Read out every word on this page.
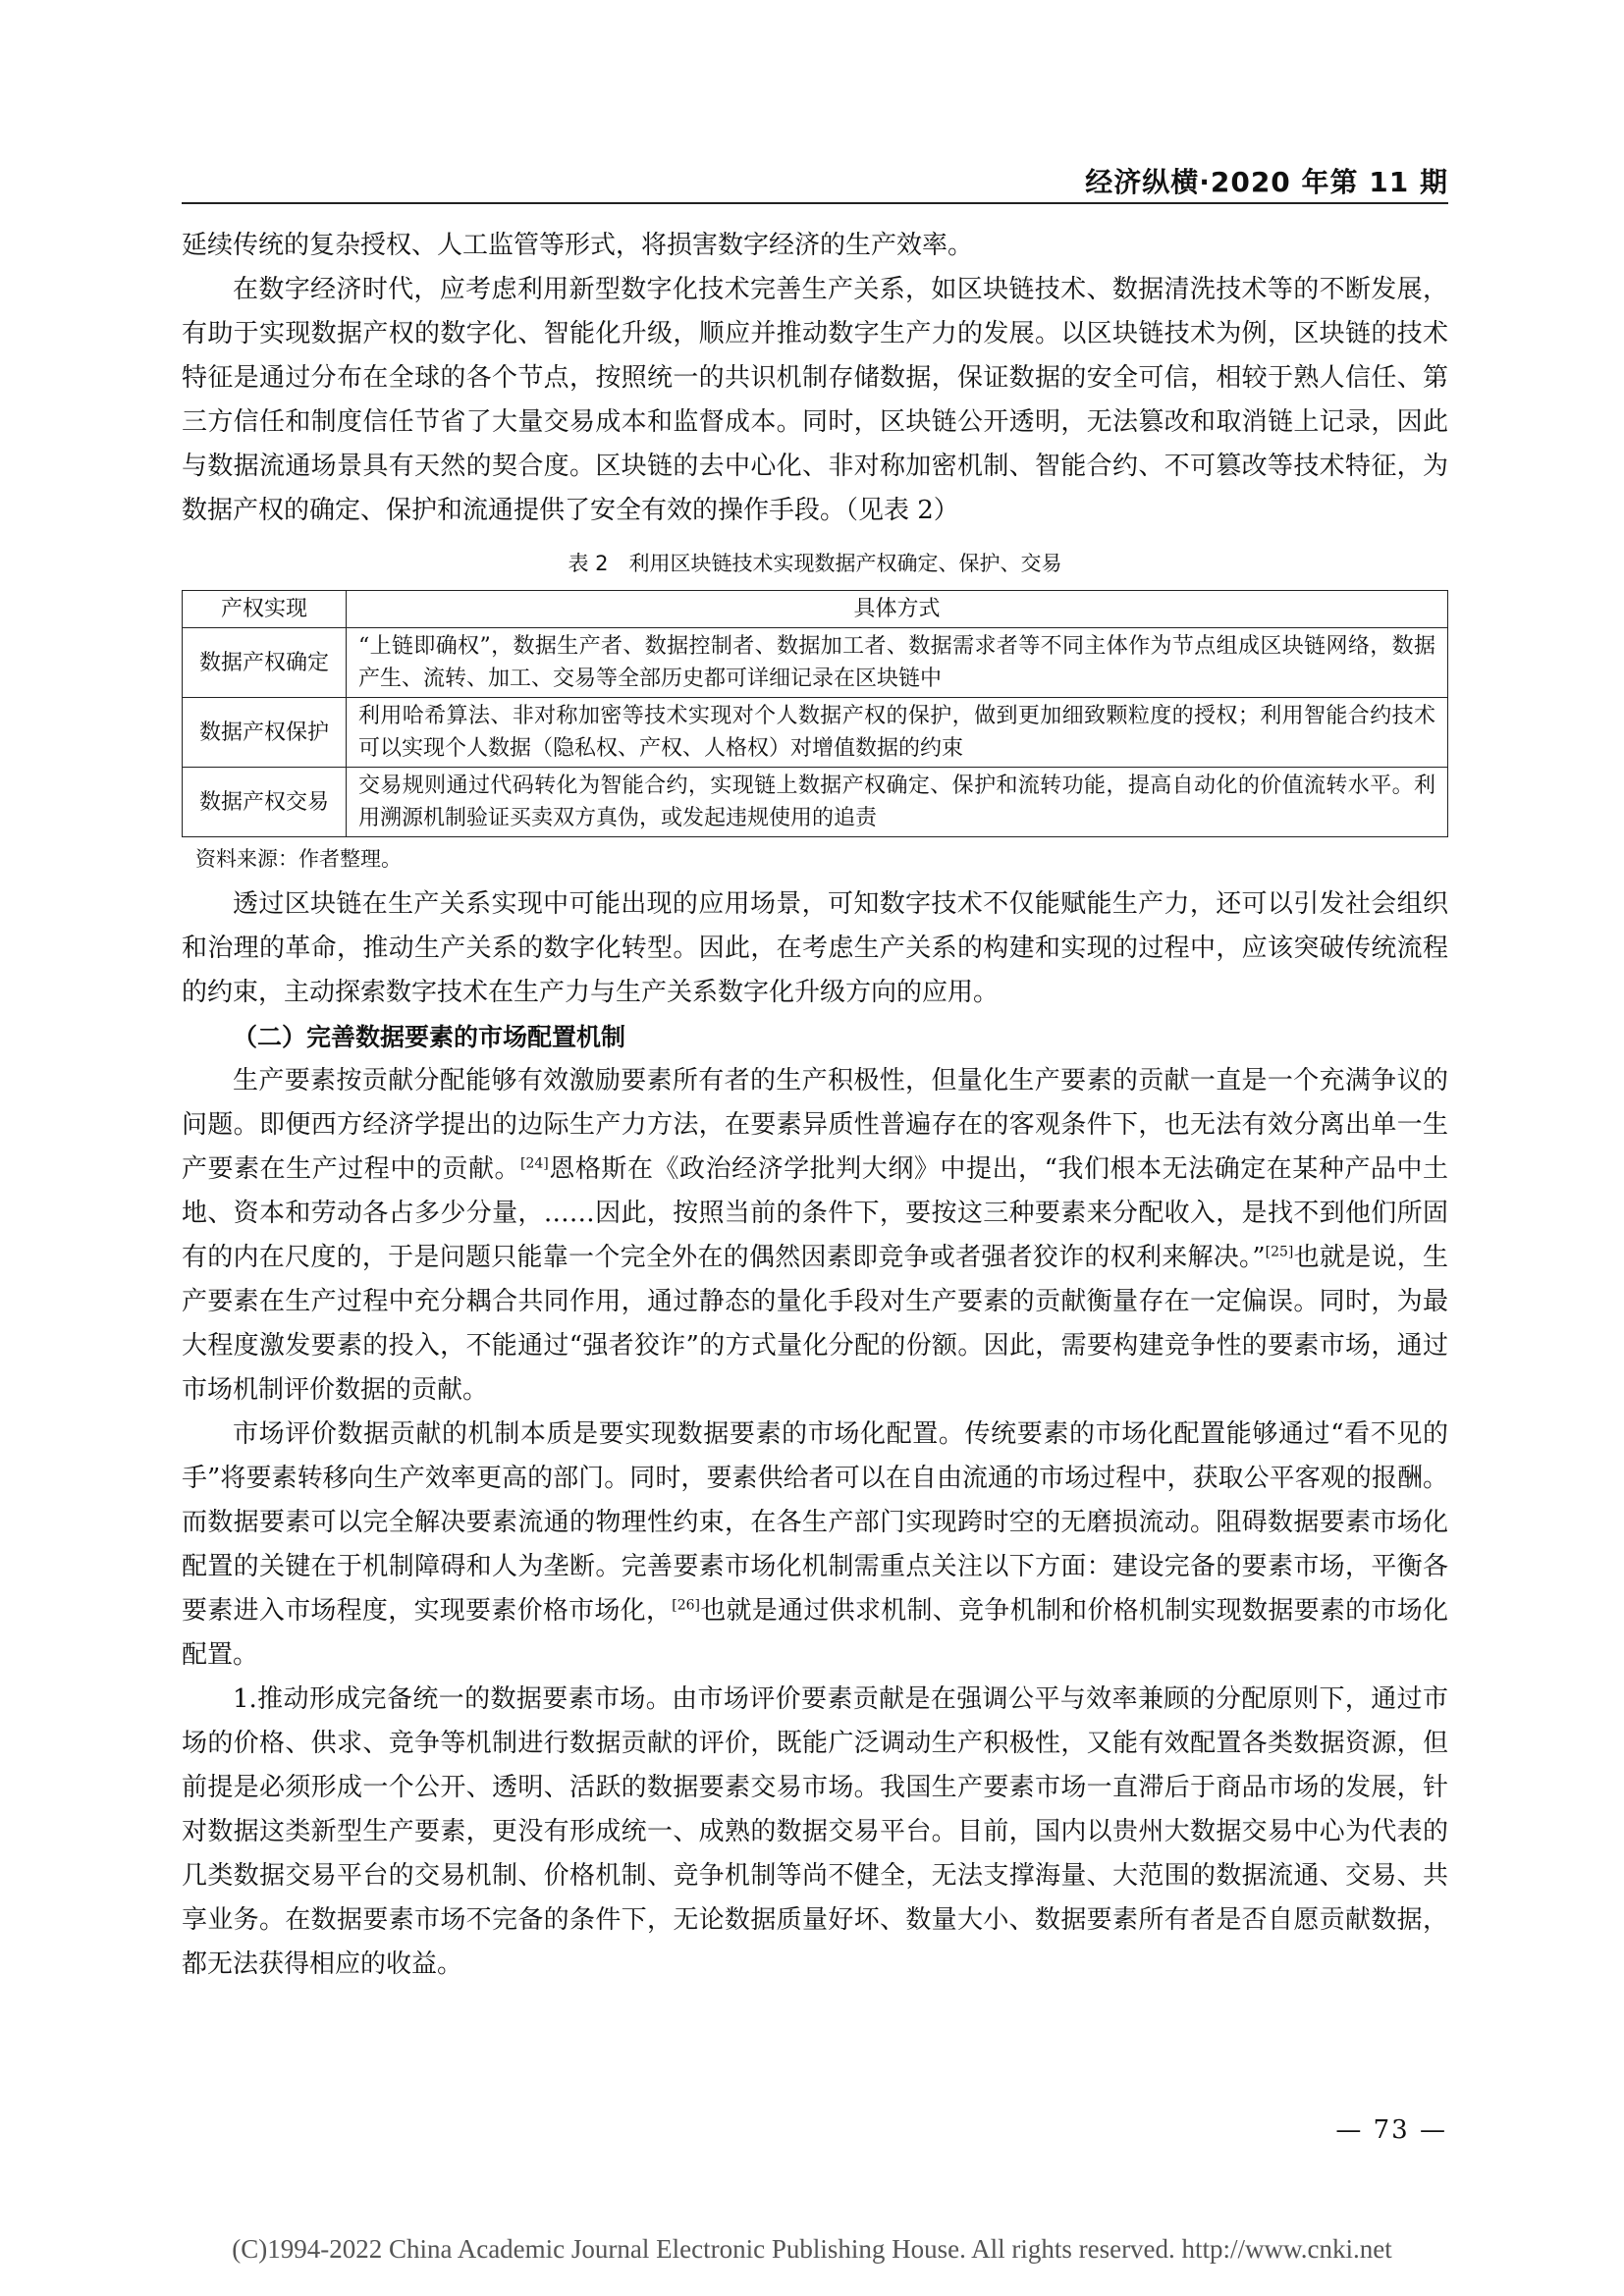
经济纵横·2020 年第 11 期

延续传统的复杂授权、人工监管等形式，将损害数字经济的生产效率。

在数字经济时代，应考虑利用新型数字化技术完善生产关系，如区块链技术、数据清洗技术等的不断发展，有助于实现数据产权的数字化、智能化升级，顺应并推动数字生产力的发展。以区块链技术为例，区块链的技术特征是通过分布在全球的各个节点，按照统一的共识机制存储数据，保证数据的安全可信，相较于熟人信任、第三方信任和制度信任节省了大量交易成本和监督成本。同时，区块链公开透明，无法篡改和取消链上记录，因此与数据流通场景具有天然的契合度。区块链的去中心化、非对称加密机制、智能合约、不可篡改等技术特征，为数据产权的确定、保护和流通提供了安全有效的操作手段。（见表 2）

表 2　利用区块链技术实现数据产权确定、保护、交易
产权实现	具体方式
数据产权确定	“上链即确权”，数据生产者、数据控制者、数据加工者、数据需求者等不同主体作为节点组成区块链网络，数据产生、流转、加工、交易等全部历史都可详细记录在区块链中
数据产权保护	利用哈希算法、非对称加密等技术实现对个人数据产权的保护，做到更加细致颗粒度的授权；利用智能合约技术可以实现个人数据（隐私权、产权、人格权）对增值数据的约束
数据产权交易	交易规则通过代码转化为智能合约，实现链上数据产权确定、保护和流转功能，提高自动化的价值流转水平。利用溯源机制验证买卖双方真伪，或发起违规使用的追责
资料来源：作者整理。

透过区块链在生产关系实现中可能出现的应用场景，可知数字技术不仅能赋能生产力，还可以引发社会组织和治理的革命，推动生产关系的数字化转型。因此，在考虑生产关系的构建和实现的过程中，应该突破传统流程的约束，主动探索数字技术在生产力与生产关系数字化升级方向的应用。

（二）完善数据要素的市场配置机制

生产要素按贡献分配能够有效激励要素所有者的生产积极性，但量化生产要素的贡献一直是一个充满争议的问题。即便西方经济学提出的边际生产力方法，在要素异质性普遍存在的客观条件下，也无法有效分离出单一生产要素在生产过程中的贡献。[24]恩格斯在《政治经济学批判大纲》中提出，“我们根本无法确定在某种产品中土地、资本和劳动各占多少分量，……因此，按照当前的条件下，要按这三种要素来分配收入，是找不到他们所固有的内在尺度的，于是问题只能靠一个完全外在的偶然因素即竞争或者强者狡诈的权利来解决。”[25]也就是说，生产要素在生产过程中充分耦合共同作用，通过静态的量化手段对生产要素的贡献衡量存在一定偏误。同时，为最大程度激发要素的投入，不能通过“强者狡诈”的方式量化分配的份额。因此，需要构建竞争性的要素市场，通过市场机制评价数据的贡献。

市场评价数据贡献的机制本质是要实现数据要素的市场化配置。传统要素的市场化配置能够通过“看不见的手”将要素转移向生产效率更高的部门。同时，要素供给者可以在自由流通的市场过程中，获取公平客观的报酬。而数据要素可以完全解决要素流通的物理性约束，在各生产部门实现跨时空的无磨损流动。阻碍数据要素市场化配置的关键在于机制障碍和人为垄断。完善要素市场化机制需重点关注以下方面：建设完备的要素市场，平衡各要素进入市场程度，实现要素价格市场化，[26]也就是通过供求机制、竞争机制和价格机制实现数据要素的市场化配置。

1.推动形成完备统一的数据要素市场。由市场评价要素贡献是在强调公平与效率兼顾的分配原则下，通过市场的价格、供求、竞争等机制进行数据贡献的评价，既能广泛调动生产积极性，又能有效配置各类数据资源，但前提是必须形成一个公开、透明、活跃的数据要素交易市场。我国生产要素市场一直滞后于商品市场的发展，针对数据这类新型生产要素，更没有形成统一、成熟的数据交易平台。目前，国内以贵州大数据交易中心为代表的几类数据交易平台的交易机制、价格机制、竞争机制等尚不健全，无法支撑海量、大范围的数据流通、交易、共享业务。在数据要素市场不完备的条件下，无论数据质量好坏、数量大小、数据要素所有者是否自愿贡献数据，都无法获得相应的收益。

— 73 —
(C)1994-2022 China Academic Journal Electronic Publishing House. All rights reserved. http://www.cnki.net
